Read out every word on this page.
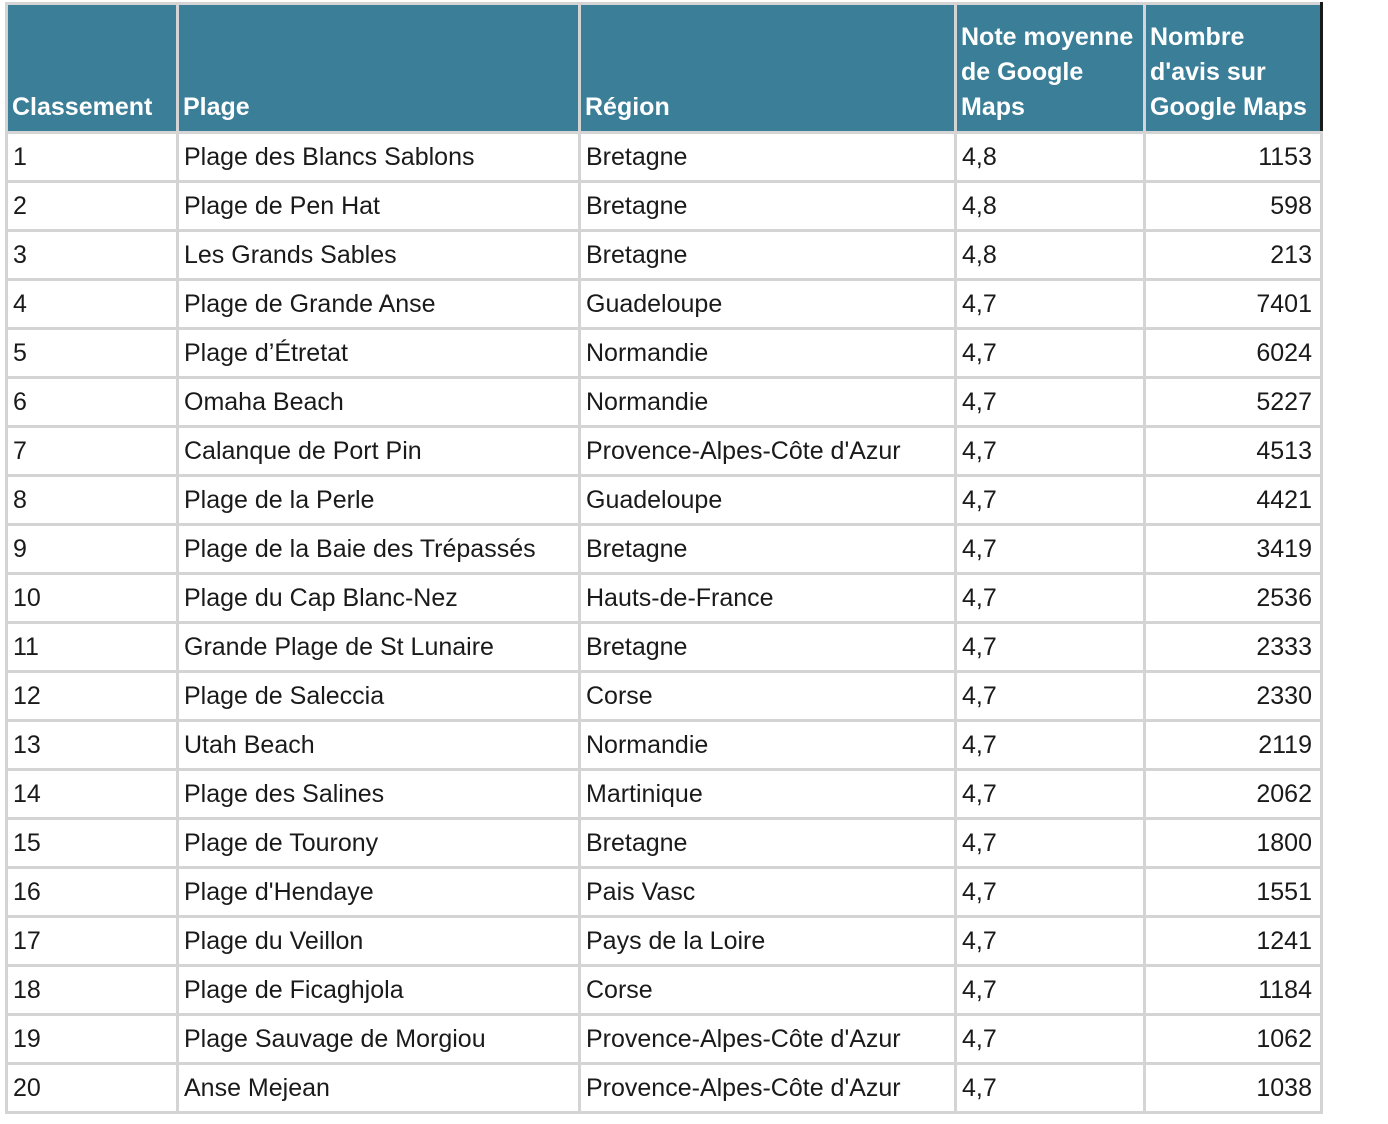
Classement	Plage	Région	Note moyenne de Google Maps	Nombre d'avis sur Google Maps
1	Plage des Blancs Sablons	Bretagne	4,8	1153
2	Plage de Pen Hat	Bretagne	4,8	598
3	Les Grands Sables	Bretagne	4,8	213
4	Plage de Grande Anse	Guadeloupe	4,7	7401
5	Plage d’Étretat	Normandie	4,7	6024
6	Omaha Beach	Normandie	4,7	5227
7	Calanque de Port Pin	Provence-Alpes-Côte d'Azur	4,7	4513
8	Plage de la Perle	Guadeloupe	4,7	4421
9	Plage de la Baie des Trépassés	Bretagne	4,7	3419
10	Plage du Cap Blanc-Nez	Hauts-de-France	4,7	2536
11	Grande Plage de St Lunaire	Bretagne	4,7	2333
12	Plage de Saleccia	Corse	4,7	2330
13	Utah Beach	Normandie	4,7	2119
14	Plage des Salines	Martinique	4,7	2062
15	Plage de Tourony	Bretagne	4,7	1800
16	Plage d'Hendaye	Pais Vasc	4,7	1551
17	Plage du Veillon	Pays de la Loire	4,7	1241
18	Plage de Ficaghjola	Corse	4,7	1184
19	Plage Sauvage de Morgiou	Provence-Alpes-Côte d'Azur	4,7	1062
20	Anse Mejean	Provence-Alpes-Côte d'Azur	4,7	1038
